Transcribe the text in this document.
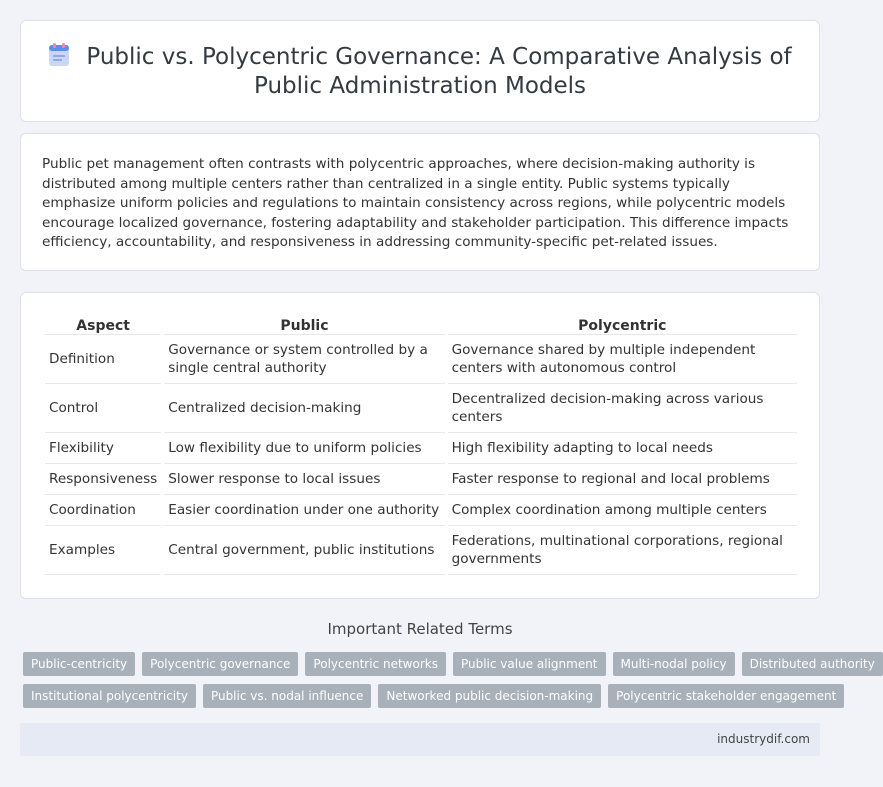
Public vs. Polycentric Governance: A Comparative Analysis of Public Administration Models

Public pet management often contrasts with polycentric approaches, where decision-making authority is distributed among multiple centers rather than centralized in a single entity. Public systems typically emphasize uniform policies and regulations to maintain consistency across regions, while polycentric models encourage localized governance, fostering adaptability and stakeholder participation. This difference impacts efficiency, accountability, and responsiveness in addressing community-specific pet-related issues.

Aspect	Public	Polycentric
Definition	Governance or system controlled by a single central authority	Governance shared by multiple independent centers with autonomous control
Control	Centralized decision-making	Decentralized decision-making across various centers
Flexibility	Low flexibility due to uniform policies	High flexibility adapting to local needs
Responsiveness	Slower response to local issues	Faster response to regional and local problems
Coordination	Easier coordination under one authority	Complex coordination among multiple centers
Examples	Central government, public institutions	Federations, multinational corporations, regional governments
Important Related Terms
Public-centricity	Polycentric governance	Polycentric networks	Public value alignment	Multi-nodal policy	Distributed authority
Institutional polycentricity	Public vs. nodal influence	Networked public decision-making	Polycentric stakeholder engagement
industrydif.com
